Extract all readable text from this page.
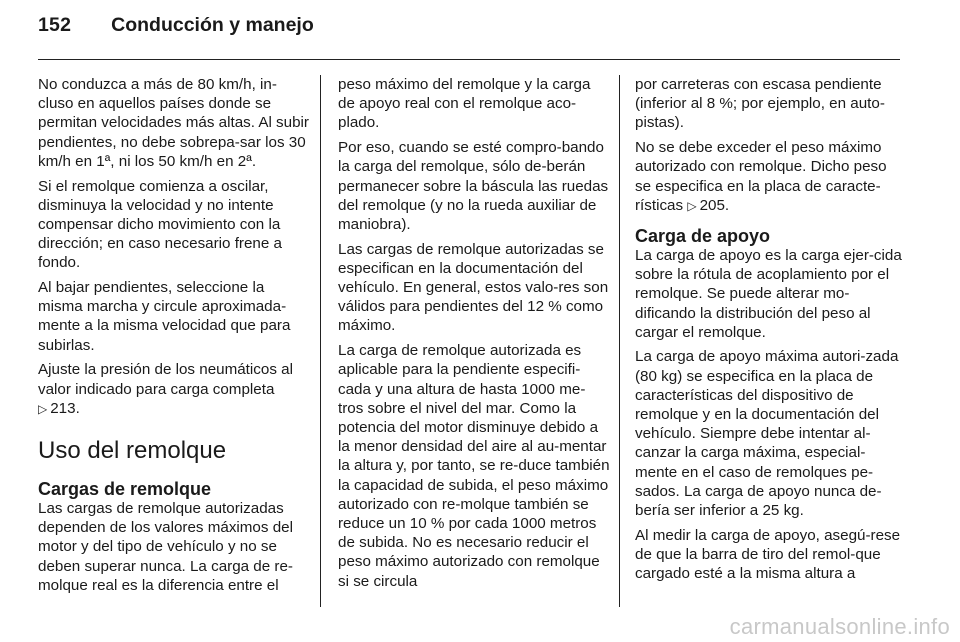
152 Conducción y manejo

No conduzca a más de 80 km/h, in-cluso en aquellos países donde se permitan velocidades más altas. Al subir pendientes, no debe sobrepa-sar los 30 km/h en 1ª, ni los 50 km/h en 2ª.

Si el remolque comienza a oscilar, disminuya la velocidad y no intente compensar dicho movimiento con la dirección; en caso necesario frene a fondo.

Al bajar pendientes, seleccione la misma marcha y circule aproximada-mente a la misma velocidad que para subirlas.

Ajuste la presión de los neumáticos al valor indicado para carga completa
▷ 213.

Uso del remolque
Cargas de remolque

Las cargas de remolque autorizadas dependen de los valores máximos del motor y del tipo de vehículo y no se deben superar nunca. La carga de re-molque real es la diferencia entre el

peso máximo del remolque y la carga de apoyo real con el remolque aco-plado.

Por eso, cuando se esté compro-bando la carga del remolque, sólo de-berán permanecer sobre la báscula las ruedas del remolque (y no la rueda auxiliar de maniobra).

Las cargas de remolque autorizadas se especifican en la documentación del vehículo. En general, estos valo-res son válidos para pendientes del 12 % como máximo.

La carga de remolque autorizada es aplicable para la pendiente especifi-cada y una altura de hasta 1000 me-tros sobre el nivel del mar. Como la potencia del motor disminuye debido a la menor densidad del aire al au-mentar la altura y, por tanto, se re-duce también la capacidad de subida, el peso máximo autorizado con re-molque también se reduce un 10 % por cada 1000 metros de subida. No es necesario reducir el peso máximo autorizado con remolque si se circula

por carreteras con escasa pendiente (inferior al 8 %; por ejemplo, en auto-pistas).

No se debe exceder el peso máximo autorizado con remolque. Dicho peso se especifica en la placa de caracte-rísticas ▷ 205.

Carga de apoyo

La carga de apoyo es la carga ejer-cida sobre la rótula de acoplamiento por el remolque. Se puede alterar mo-dificando la distribución del peso al cargar el remolque.

La carga de apoyo máxima autori-zada (80 kg) se especifica en la placa de características del dispositivo de remolque y en la documentación del vehículo. Siempre debe intentar al-canzar la carga máxima, especial-mente en el caso de remolques pe-sados. La carga de apoyo nunca de-bería ser inferior a 25 kg.

Al medir la carga de apoyo, asegú-rese de que la barra de tiro del remol-que cargado esté a la misma altura a

carmanualsonline.info
